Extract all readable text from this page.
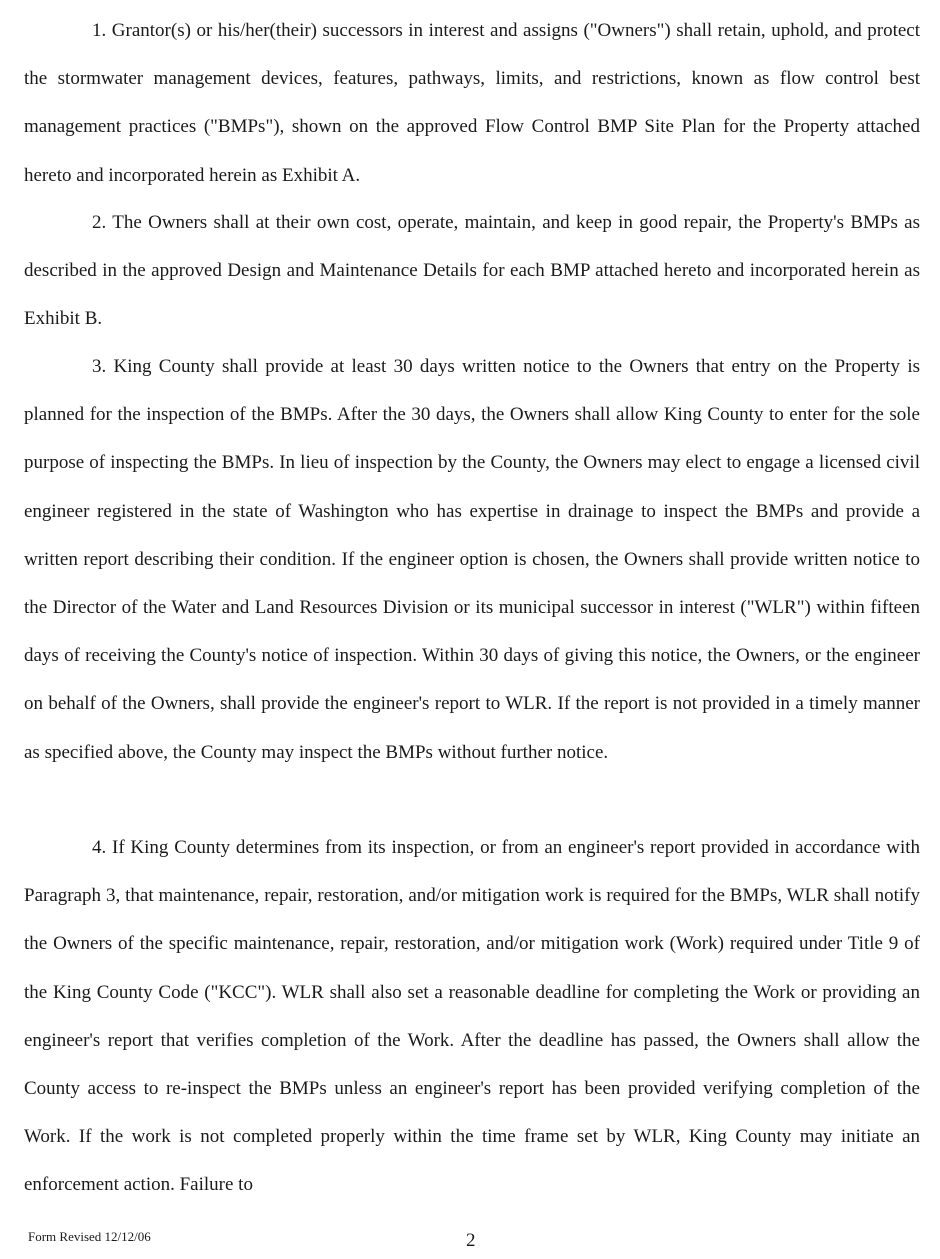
1. Grantor(s) or his/her(their) successors in interest and assigns ("Owners") shall retain, uphold, and protect the stormwater management devices, features, pathways, limits, and restrictions, known as flow control best management practices ("BMPs"), shown on the approved Flow Control BMP Site Plan for the Property attached hereto and incorporated herein as Exhibit A.

2. The Owners shall at their own cost, operate, maintain, and keep in good repair, the Property's BMPs as described in the approved Design and Maintenance Details for each BMP attached hereto and incorporated herein as Exhibit B.

3. King County shall provide at least 30 days written notice to the Owners that entry on the Property is planned for the inspection of the BMPs. After the 30 days, the Owners shall allow King County to enter for the sole purpose of inspecting the BMPs. In lieu of inspection by the County, the Owners may elect to engage a licensed civil engineer registered in the state of Washington who has expertise in drainage to inspect the BMPs and provide a written report describing their condition. If the engineer option is chosen, the Owners shall provide written notice to the Director of the Water and Land Resources Division or its municipal successor in interest ("WLR") within fifteen days of receiving the County's notice of inspection. Within 30 days of giving this notice, the Owners, or the engineer on behalf of the Owners, shall provide the engineer's report to WLR. If the report is not provided in a timely manner as specified above, the County may inspect the BMPs without further notice.

4. If King County determines from its inspection, or from an engineer's report provided in accordance with Paragraph 3, that maintenance, repair, restoration, and/or mitigation work is required for the BMPs, WLR shall notify the Owners of the specific maintenance, repair, restoration, and/or mitigation work (Work) required under Title 9 of the King County Code ("KCC"). WLR shall also set a reasonable deadline for completing the Work or providing an engineer's report that verifies completion of the Work. After the deadline has passed, the Owners shall allow the County access to re-inspect the BMPs unless an engineer's report has been provided verifying completion of the Work. If the work is not completed properly within the time frame set by WLR, King County may initiate an enforcement action. Failure to

Form Revised 12/12/06	2
